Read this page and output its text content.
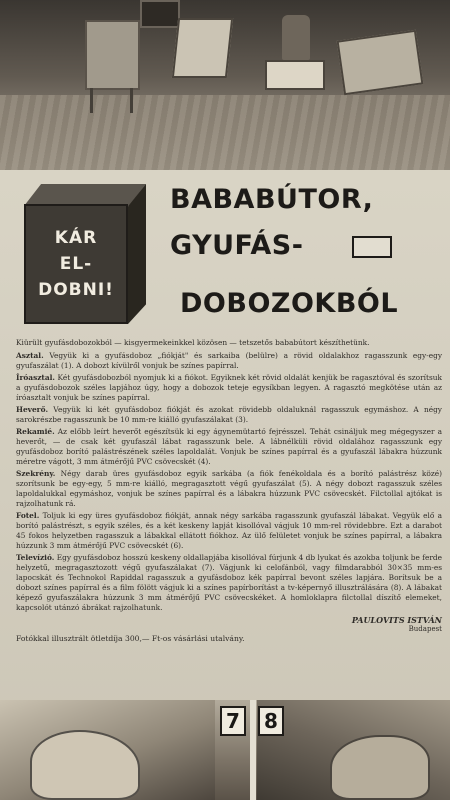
KÁR
EL-
DOBNI!
BABABÚTOR,
GYUFÁS-
DOBOZOKBÓL

Kiürült gyufásdobozokból — kisgyermekeinkkel közösen — tetszetős bababútort készíthetünk.

Asztal. Vegyük ki a gyufásdoboz „fiókját" és sarkaiba (belülre) a rövid oldalakhoz ragasszunk egy-egy gyufaszálat (1). A dobozt kívülről vonjuk be színes papírral.

Íróasztal. Két gyufásdobozból nyomjuk ki a fiókot. Egyiknek két rövid oldalát kenjük be ragasztóval és szorítsuk a gyufásdobozok széles lapjához úgy, hogy a dobozok teteje egysíkban legyen. A ragasztó megkötése után az íróasztalt vonjuk be színes papírral.

Heverő. Vegyük ki két gyufásdoboz fiókját és azokat rövidebb oldaluknál ragasszuk egymáshoz. A négy sarokrészbe ragasszunk be 10 mm-re kiálló gyufaszálakat (3).

Rekamié. Az előbb leírt heverőt egészítsük ki egy ágynemütartó fejrésszel. Tehát csináljuk meg mégegyszer a heverőt, — de csak két gyufaszál lábat ragasszunk bele. A lábnélküli rövid oldalához ragasszunk egy gyufásdoboz borító palástrészének széles lapoldalát. Vonjuk be színes papírral és a gyufaszál lábakra húzzunk méretre vágott, 3 mm átmérőjű PVC csövecskét (4).

Szekrény. Négy darab üres gyufásdoboz egyik sarkába (a fiók fenékoldala és a borító palástrész közé) szorítsunk be egy-egy, 5 mm-re kiálló, megragasztott végű gyufaszálat (5). A négy dobozt ragasszuk széles lapoldalukkal egymáshoz, vonjuk be színes papírral és a lábakra húzzunk PVC csövecskét. Filctollal ajtókat is rajzolhatunk rá.

Fotel. Toljuk ki egy üres gyufásdoboz fiókját, annak négy sarkába ragasszunk gyufaszál lábakat. Vegyük elő a borító palástrészt, s egyik széles, és a két keskeny lapját kisollóval vágjuk 10 mm-rel rövidebbre. Ezt a darabot 45 fokos helyzetben ragasszuk a lábakkal ellátott fiókhoz. Az ülő felületet vonjuk be színes papírral, a lábakra húzzunk 3 mm átmérőjű PVC csövecskét (6).

Televízió. Egy gyufásdoboz hosszú keskeny oldallapjába kisollóval fúrjunk 4 db lyukat és azokba toljunk be ferde helyzetű, megragasztozott végű gyufaszálakat (7). Vágjunk ki celofánból, vagy filmdarabból 30×35 mm-es lapocskát és Technokol Rapiddal ragasszuk a gyufásdoboz kék papírral bevont széles lapjára. Borítsuk be a dobozt színes papírral és a film fölött vágjuk ki a színes papírborítást a tv-képernyő illusztrálására (8). A lábakat képező gyufaszálakra húzzunk 3 mm átmérőjű PVC csövecskéket. A homloklapra filctollal díszítő elemeket, kapcsolót utánzó ábrákat rajzolhatunk.

PAULOVITS ISTVÁN

Budapest

Fotókkal illusztrált ötletdíja 300,— Ft-os vásárlási utalvány.

7	8
